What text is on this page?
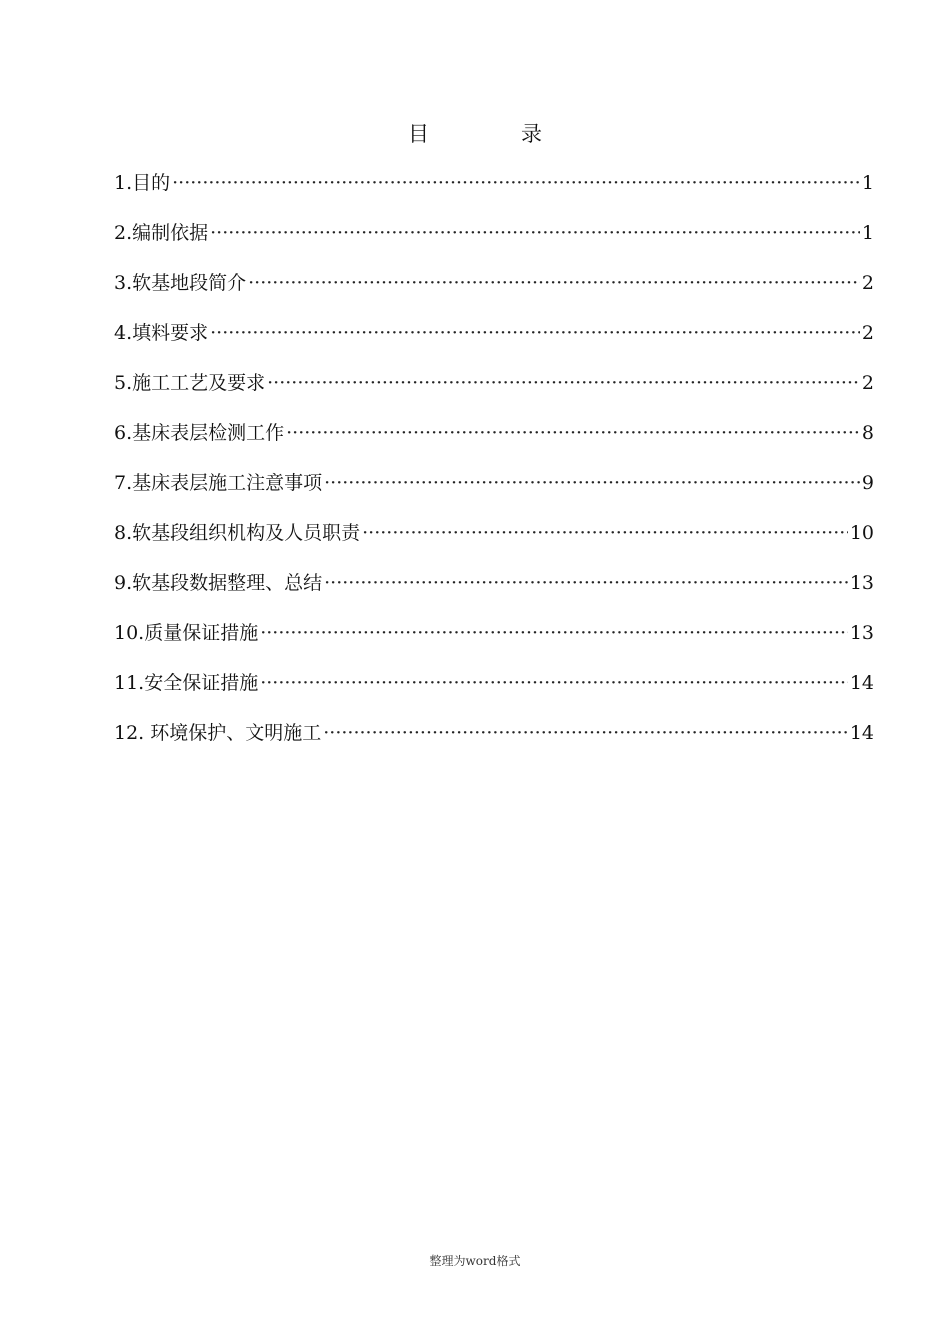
目	录
1.目的 ·····	1
2.编制依据 ·····	1
3.软基地段简介 ·····	2
4.填料要求 ·····	2
5.施工工艺及要求 ·····	2
6.基床表层检测工作 ·····	8
7.基床表层施工注意事项 ·····	9
8.软基段组织机构及人员职责 ·····	10
9.软基段数据整理、总结 ·····	13
10.质量保证措施 ·····	13
11.安全保证措施 ·····	14
12. 环境保护、文明施工 ·····	14
整理为word格式
